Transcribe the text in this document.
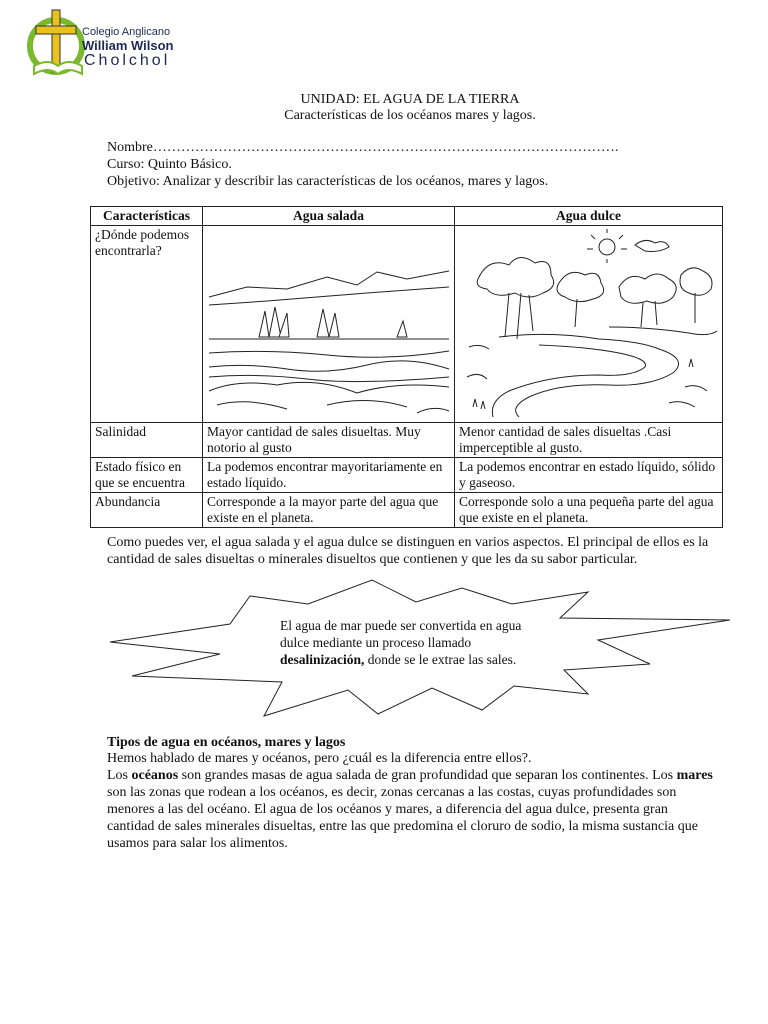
Colegio Anglicano
William Wilson
Cholchol
UNIDAD: EL AGUA DE LA TIERRA
Características de los océanos mares y lagos.
Nombre……………………………………………………………………………………….
Curso: Quinto Básico.
Objetivo: Analizar y describir las características de los océanos, mares y lagos.
Características	Agua salada	Agua dulce
¿Dónde podemos encontrarla?		
Salinidad	Mayor cantidad de sales disueltas. Muy notorio al gusto	Menor cantidad de sales disueltas .Casi imperceptible al gusto.
Estado físico en que se encuentra	La podemos encontrar mayoritariamente en estado líquido.	La podemos encontrar en estado líquido, sólido y gaseoso.
Abundancia	Corresponde a la mayor parte del agua que existe en el planeta.	Corresponde solo a una pequeña parte del agua que existe en el planeta.

Como puedes ver, el agua salada y el agua dulce se distinguen en varios aspectos. El principal de ellos es la cantidad de sales disueltas o minerales disueltos que contienen y que les da su sabor particular.

El agua de mar puede ser convertida en agua dulce mediante un proceso llamado desalinización, donde se le extrae las sales.
Tipos de agua en océanos, mares y lagos

Hemos hablado de mares y océanos, pero ¿cuál es la diferencia entre ellos?.
Los océanos son grandes masas de agua salada de gran profundidad que separan los continentes. Los mares son las zonas que rodean a los océanos, es decir, zonas cercanas a las costas, cuyas profundidades son menores a las del océano. El agua de los océanos y mares, a diferencia del agua dulce, presenta gran cantidad de sales minerales disueltas, entre las que predomina el cloruro de sodio, la misma sustancia que usamos para salar los alimentos.
